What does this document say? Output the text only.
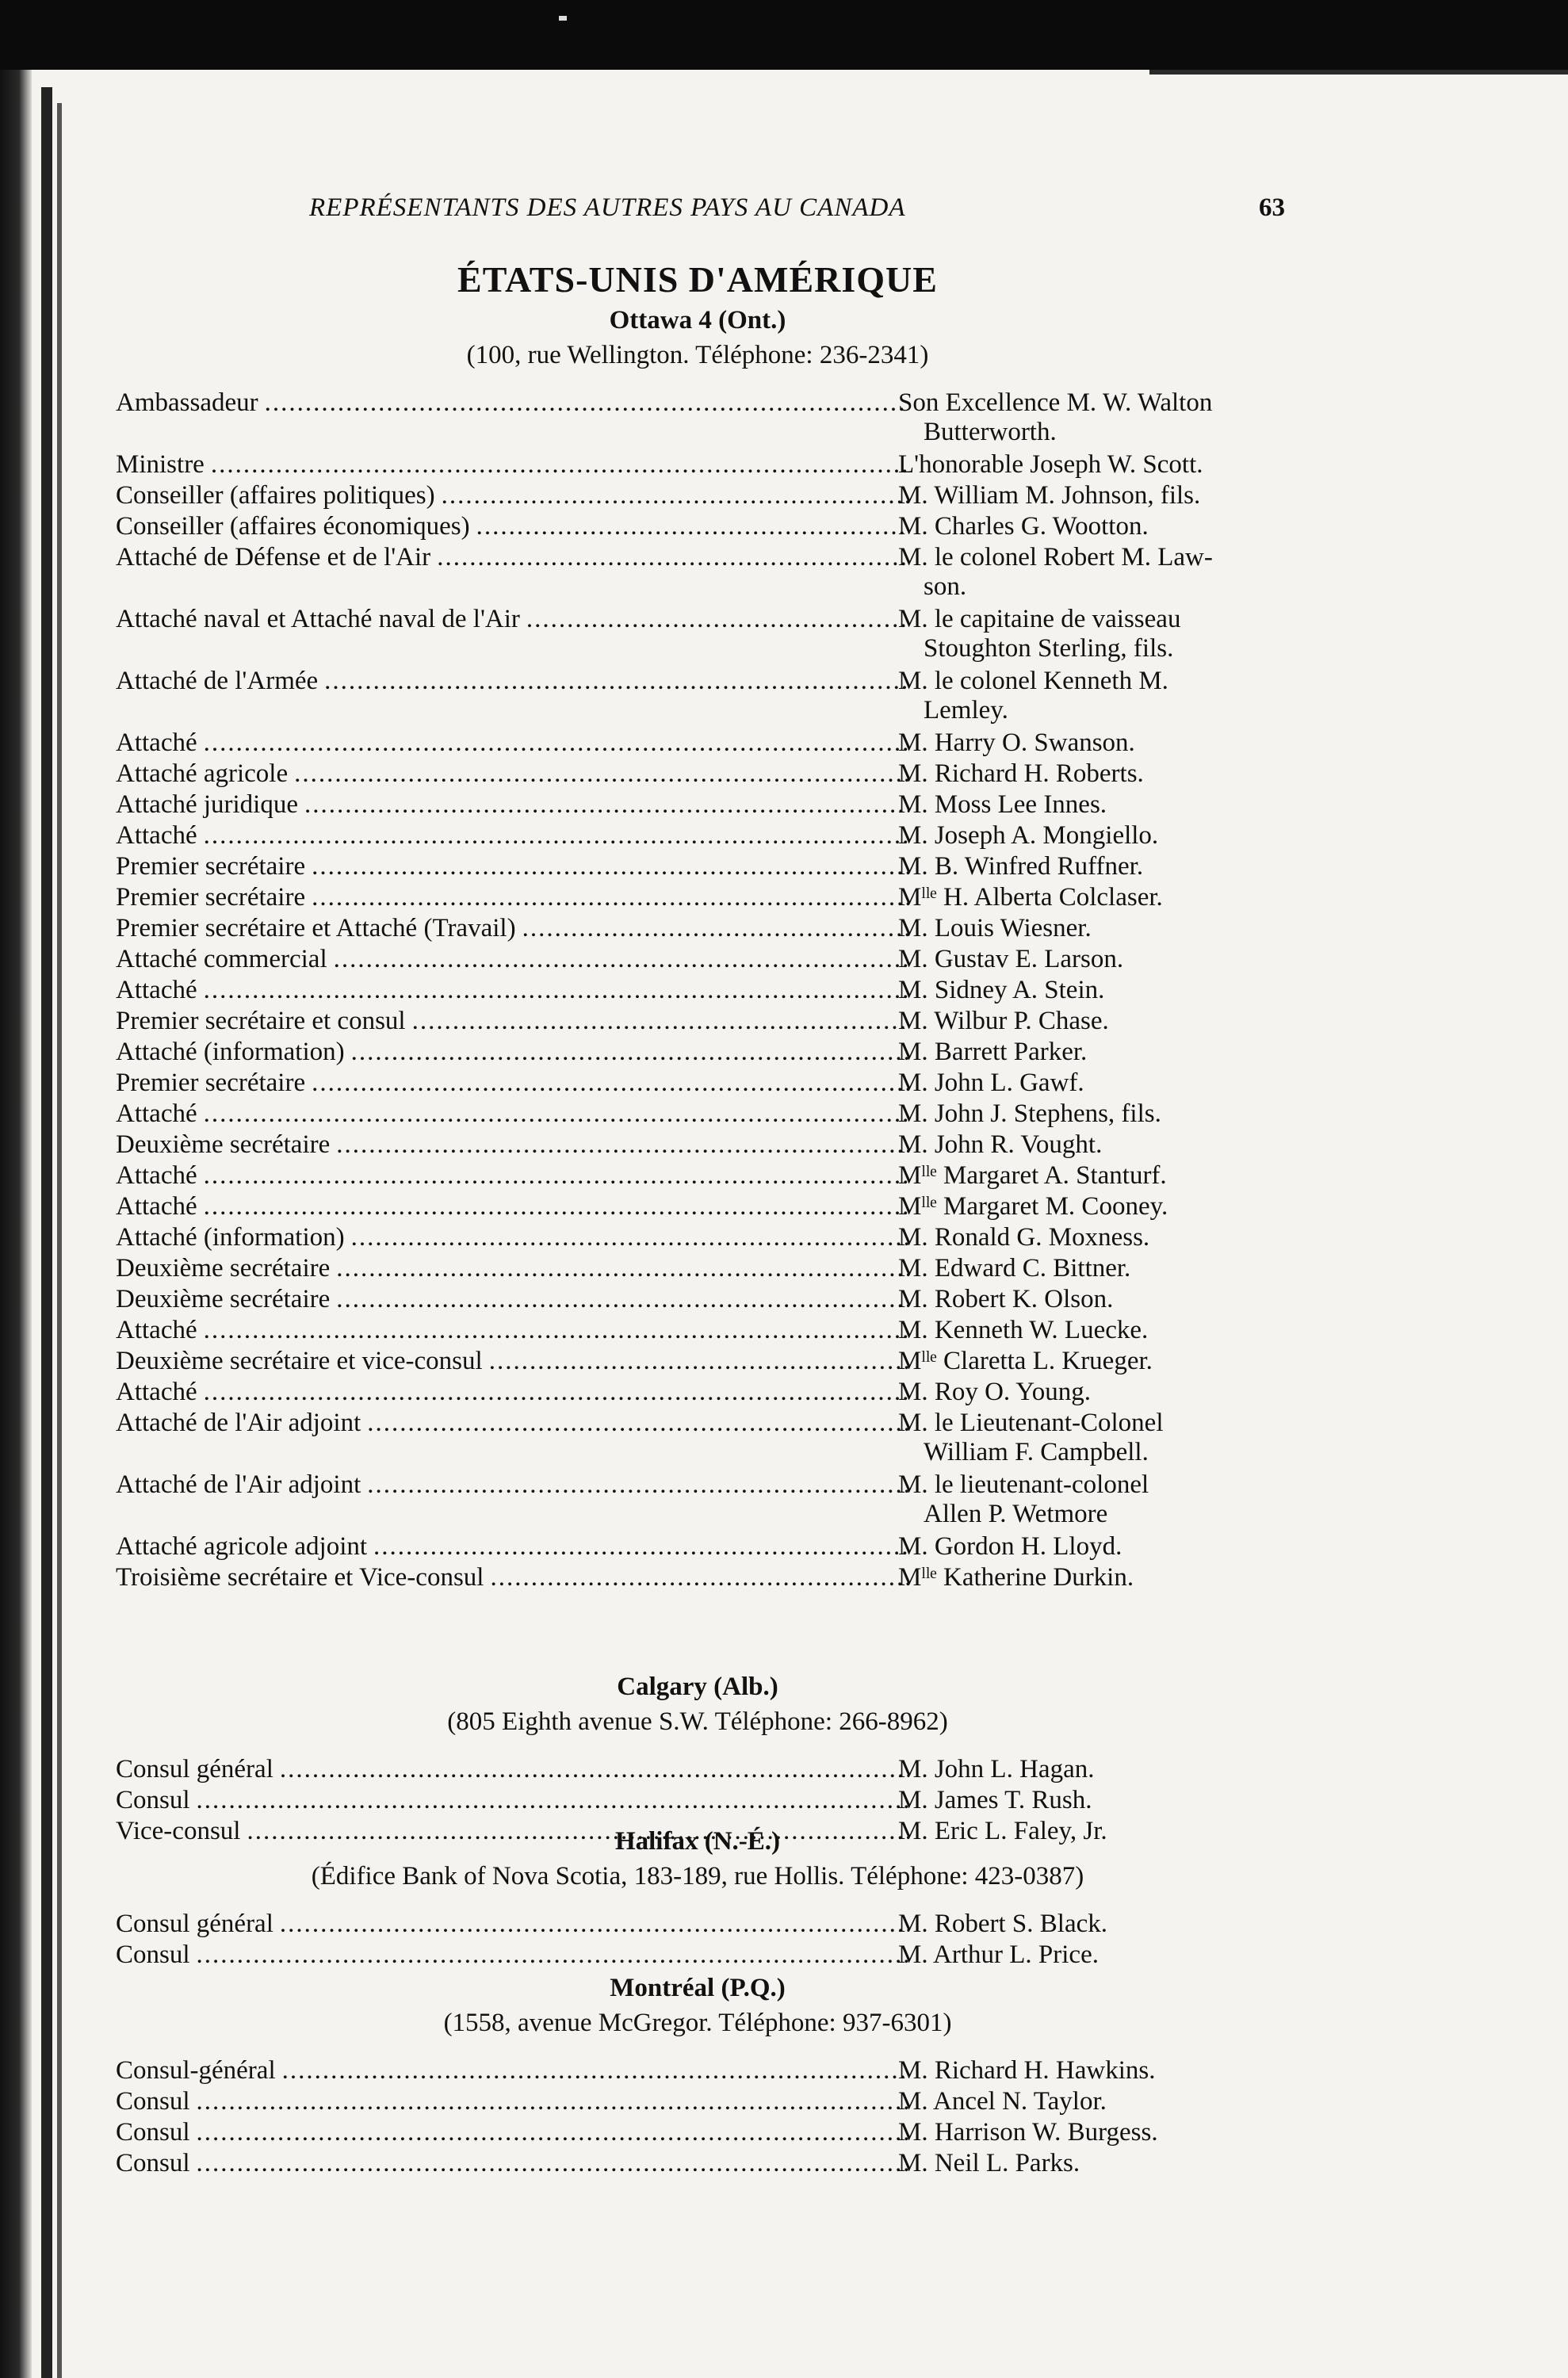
REPRÉSENTANTS DES AUTRES PAYS AU CANADA	63
ÉTATS-UNIS D'AMÉRIQUE
Ottawa 4 (Ont.)
(100, rue Wellington. Téléphone: 236-2341)
Ambassadeur .....	Son Excellence M. W. Walton
Butterworth.
Ministre .....	L'honorable Joseph W. Scott.
Conseiller (affaires politiques) .....	M. William M. Johnson, fils.
Conseiller (affaires économiques) .....	M. Charles G. Wootton.
Attaché de Défense et de l'Air .....	M. le colonel Robert M. Law-
son.
Attaché naval et Attaché naval de l'Air .....	M. le capitaine de vaisseau
Stoughton Sterling, fils.
Attaché de l'Armée .....	M. le colonel Kenneth M.
Lemley.
Attaché .....	M. Harry O. Swanson.
Attaché agricole .....	M. Richard H. Roberts.
Attaché juridique .....	M. Moss Lee Innes.
Attaché .....	M. Joseph A. Mongiello.
Premier secrétaire .....	M. B. Winfred Ruffner.
Premier secrétaire .....	Mˡˡᵉ H. Alberta Colclaser.
Premier secrétaire et Attaché (Travail) .....	M. Louis Wiesner.
Attaché commercial .....	M. Gustav E. Larson.
Attaché .....	M. Sidney A. Stein.
Premier secrétaire et consul .....	M. Wilbur P. Chase.
Attaché (information) .....	M. Barrett Parker.
Premier secrétaire .....	M. John L. Gawf.
Attaché .....	M. John J. Stephens, fils.
Deuxième secrétaire .....	M. John R. Vought.
Attaché .....	Mˡˡᵉ Margaret A. Stanturf.
Attaché .....	Mˡˡᵉ Margaret M. Cooney.
Attaché (information) .....	M. Ronald G. Moxness.
Deuxième secrétaire .....	M. Edward C. Bittner.
Deuxième secrétaire .....	M. Robert K. Olson.
Attaché .....	M. Kenneth W. Luecke.
Deuxième secrétaire et vice-consul .....	Mˡˡᵉ Claretta L. Krueger.
Attaché .....	M. Roy O. Young.
Attaché de l'Air adjoint .....	M. le Lieutenant-Colonel
William F. Campbell.
Attaché de l'Air adjoint .....	M. le lieutenant-colonel
Allen P. Wetmore
Attaché agricole adjoint .....	M. Gordon H. Lloyd.
Troisième secrétaire et Vice-consul .....	Mˡˡᵉ Katherine Durkin.
Calgary (Alb.)
(805 Eighth avenue S.W. Téléphone: 266-8962)
Consul général .....	M. John L. Hagan.
Consul .....	M. James T. Rush.
Vice-consul .....	M. Eric L. Faley, Jr.
Halifax (N.-É.)
(Édifice Bank of Nova Scotia, 183-189, rue Hollis. Téléphone: 423-0387)
Consul général .....	M. Robert S. Black.
Consul .....	M. Arthur L. Price.
Montréal (P.Q.)
(1558, avenue McGregor. Téléphone: 937-6301)
Consul-général .....	M. Richard H. Hawkins.
Consul .....	M. Ancel N. Taylor.
Consul .....	M. Harrison W. Burgess.
Consul .....	M. Neil L. Parks.
